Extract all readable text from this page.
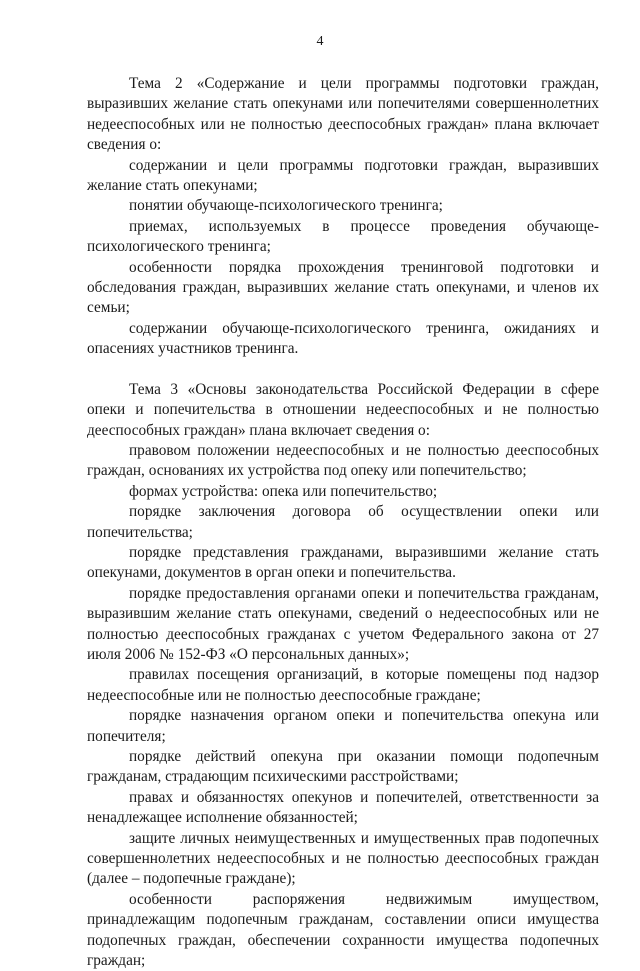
4

Тема 2 «Содержание и цели программы подготовки граждан, выразивших желание стать опекунами или попечителями совершеннолетних недееспособных или не полностью дееспособных граждан» плана включает сведения о:

содержании и цели программы подготовки граждан, выразивших желание стать опекунами;

понятии обучающе-психологического тренинга;

приемах, используемых в процессе проведения обучающе-психологического тренинга;

особенности порядка прохождения тренинговой подготовки и обследования граждан, выразивших желание стать опекунами, и членов их семьи;

содержании обучающе-психологического тренинга, ожиданиях и опасениях участников тренинга.

Тема 3 «Основы законодательства Российской Федерации в сфере опеки и попечительства в отношении недееспособных и не полностью дееспособных граждан» плана включает сведения о:

правовом положении недееспособных и не полностью дееспособных граждан, основаниях их устройства под опеку или попечительство;

формах устройства: опека или попечительство;

порядке заключения договора об осуществлении опеки или попечительства;

порядке представления гражданами, выразившими желание стать опекунами, документов в орган опеки и попечительства.

порядке предоставления органами опеки и попечительства гражданам, выразившим желание стать опекунами, сведений о недееспособных или не полностью дееспособных гражданах с учетом Федерального закона от 27 июля 2006 № 152-ФЗ «О персональных данных»;

правилах посещения организаций, в которые помещены под надзор недееспособные или не полностью дееспособные граждане;

порядке назначения органом опеки и попечительства опекуна или попечителя;

порядке действий опекуна при оказании помощи подопечным гражданам, страдающим психическими расстройствами;

правах и обязанностях опекунов и попечителей, ответственности за ненадлежащее исполнение обязанностей;

защите личных неимущественных и имущественных прав подопечных совершеннолетних недееспособных и не полностью дееспособных граждан (далее – подопечные граждане);

особенности распоряжения недвижимым имуществом, принадлежащим подопечным гражданам, составлении описи имущества подопечных граждан, обеспечении сохранности имущества подопечных граждан;
